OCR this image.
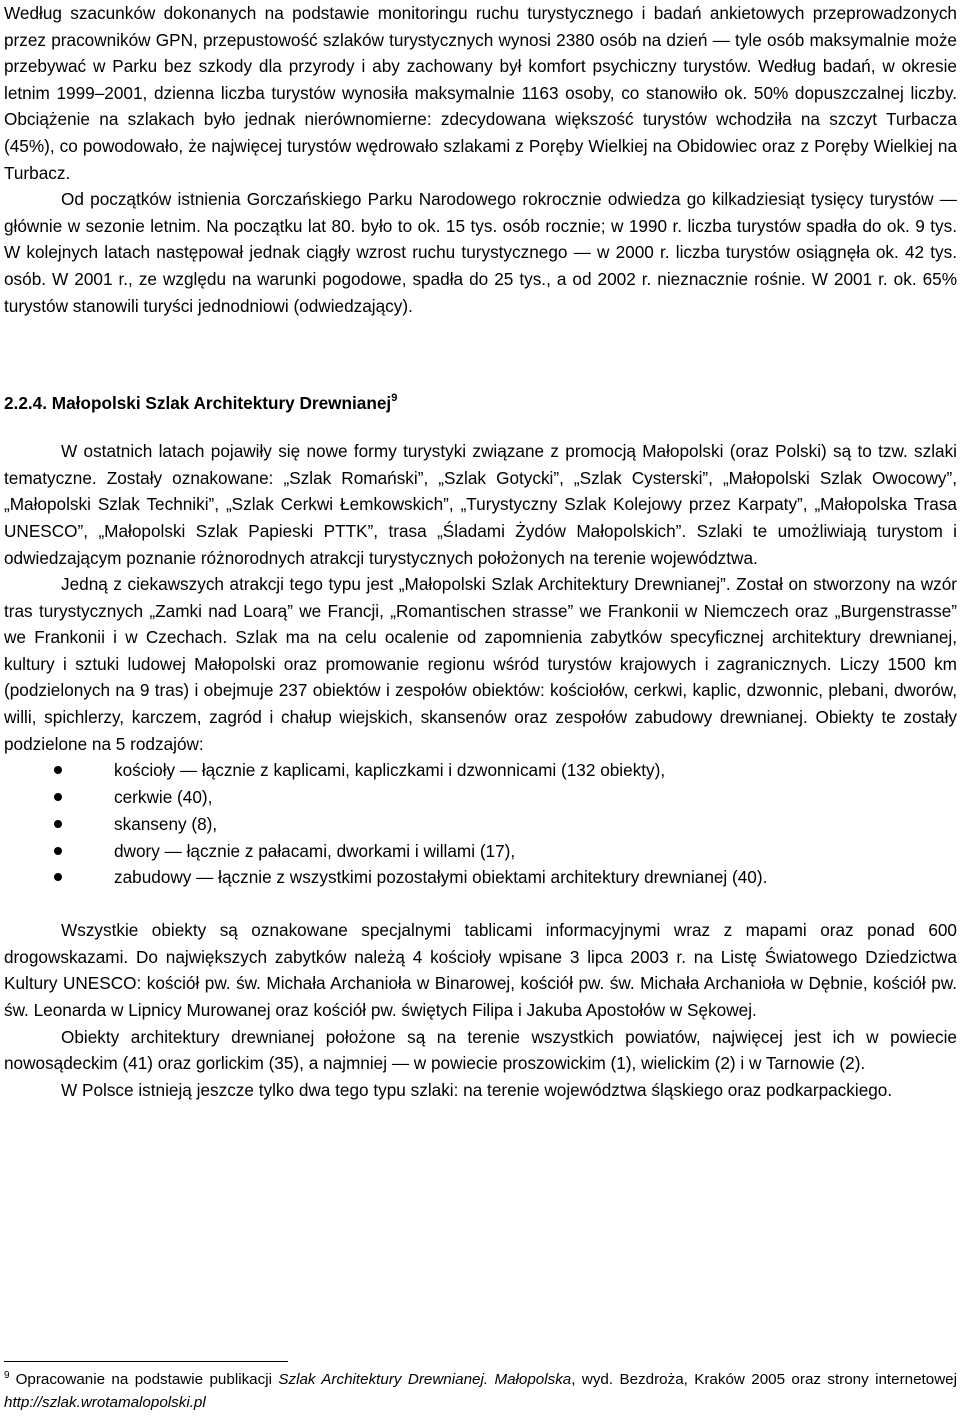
Według szacunków dokonanych na podstawie monitoringu ruchu turystycznego i badań ankietowych przeprowadzonych przez pracowników GPN, przepustowość szlaków turystycznych wynosi 2380 osób na dzień — tyle osób maksymalnie może przebywać w Parku bez szkody dla przyrody i aby zachowany był komfort psychiczny turystów. Według badań, w okresie letnim 1999–2001, dzienna liczba turystów wynosiła maksymalnie 1163 osoby, co stanowiło ok. 50% dopuszczalnej liczby. Obciążenie na szlakach było jednak nierównomierne: zdecydowana większość turystów wchodziła na szczyt Turbacza (45%), co powodowało, że najwięcej turystów wędrowało szlakami z Poręby Wielkiej na Obidowiec oraz z Poręby Wielkiej na Turbacz.

Od początków istnienia Gorczańskiego Parku Narodowego rokrocznie odwiedza go kilkadziesiąt tysięcy turystów — głównie w sezonie letnim. Na początku lat 80. było to ok. 15 tys. osób rocznie; w 1990 r. liczba turystów spadła do ok. 9 tys. W kolejnych latach następował jednak ciągły wzrost ruchu turystycznego — w 2000 r. liczba turystów osiągnęła ok. 42 tys. osób. W 2001 r., ze względu na warunki pogodowe, spadła do 25 tys., a od 2002 r. nieznacznie rośnie. W 2001 r. ok. 65% turystów stanowili turyści jednodniowi (odwiedzający).

2.2.4. Małopolski Szlak Architektury Drewnianej$^9$

W ostatnich latach pojawiły się nowe formy turystyki związane z promocją Małopolski (oraz Polski) są to tzw. szlaki tematyczne. Zostały oznakowane: „Szlak Romański”, „Szlak Gotycki”, „Szlak Cysterski”, „Małopolski Szlak Owocowy”, „Małopolski Szlak Techniki”, „Szlak Cerkwi Łemkowskich”, „Turystyczny Szlak Kolejowy przez Karpaty”, „Małopolska Trasa UNESCO”, „Małopolski Szlak Papieski PTTK”, trasa „Śladami Żydów Małopolskich”. Szlaki te umożliwiają turystom i odwiedzającym poznanie różnorodnych atrakcji turystycznych położonych na terenie województwa.

Jedną z ciekawszych atrakcji tego typu jest „Małopolski Szlak Architektury Drewnianej”. Został on stworzony na wzór tras turystycznych „Zamki nad Loarą” we Francji, „Romantischen strasse” we Frankonii w Niemczech oraz „Burgenstrasse” we Frankonii i w Czechach. Szlak ma na celu ocalenie od zapomnienia zabytków specyficznej architektury drewnianej, kultury i sztuki ludowej Małopolski oraz promowanie regionu wśród turystów krajowych i zagranicznych. Liczy 1500 km (podzielonych na 9 tras) i obejmuje 237 obiektów i zespołów obiektów: kościołów, cerkwi, kaplic, dzwonnic, plebani, dworów, willi, spichlerzy, karczem, zagród i chałup wiejskich, skansenów oraz zespołów zabudowy drewnianej. Obiekty te zostały podzielone na 5 rodzajów:

kościoły — łącznie z kaplicami, kapliczkami i dzwonnicami (132 obiekty),
cerkwie (40),
skanseny (8),
dwory — łącznie z pałacami, dworkami i willami (17),
zabudowy — łącznie z wszystkimi pozostałymi obiektami architektury drewnianej (40).

Wszystkie obiekty są oznakowane specjalnymi tablicami informacyjnymi wraz z mapami oraz ponad 600 drogowskazami. Do największych zabytków należą 4 kościoły wpisane 3 lipca 2003 r. na Listę Światowego Dziedzictwa Kultury UNESCO: kościół pw. św. Michała Archanioła w Binarowej, kościół pw. św. Michała Archanioła w Dębnie, kościół pw. św. Leonarda w Lipnicy Murowanej oraz kościół pw. świętych Filipa i Jakuba Apostołów w Sękowej.

Obiekty architektury drewnianej położone są na terenie wszystkich powiatów, najwięcej jest ich w powiecie nowosądeckim (41) oraz gorlickim (35), a najmniej — w powiecie proszowickim (1), wielickim (2) i w Tarnowie (2).

W Polsce istnieją jeszcze tylko dwa tego typu szlaki: na terenie województwa śląskiego oraz podkarpackiego.

$^9$ Opracowanie na podstawie publikacji Szlak Architektury Drewnianej. Małopolska, wyd. Bezdroża, Kraków 2005 oraz strony internetowej http://szlak.wrotamalopolski.pl
